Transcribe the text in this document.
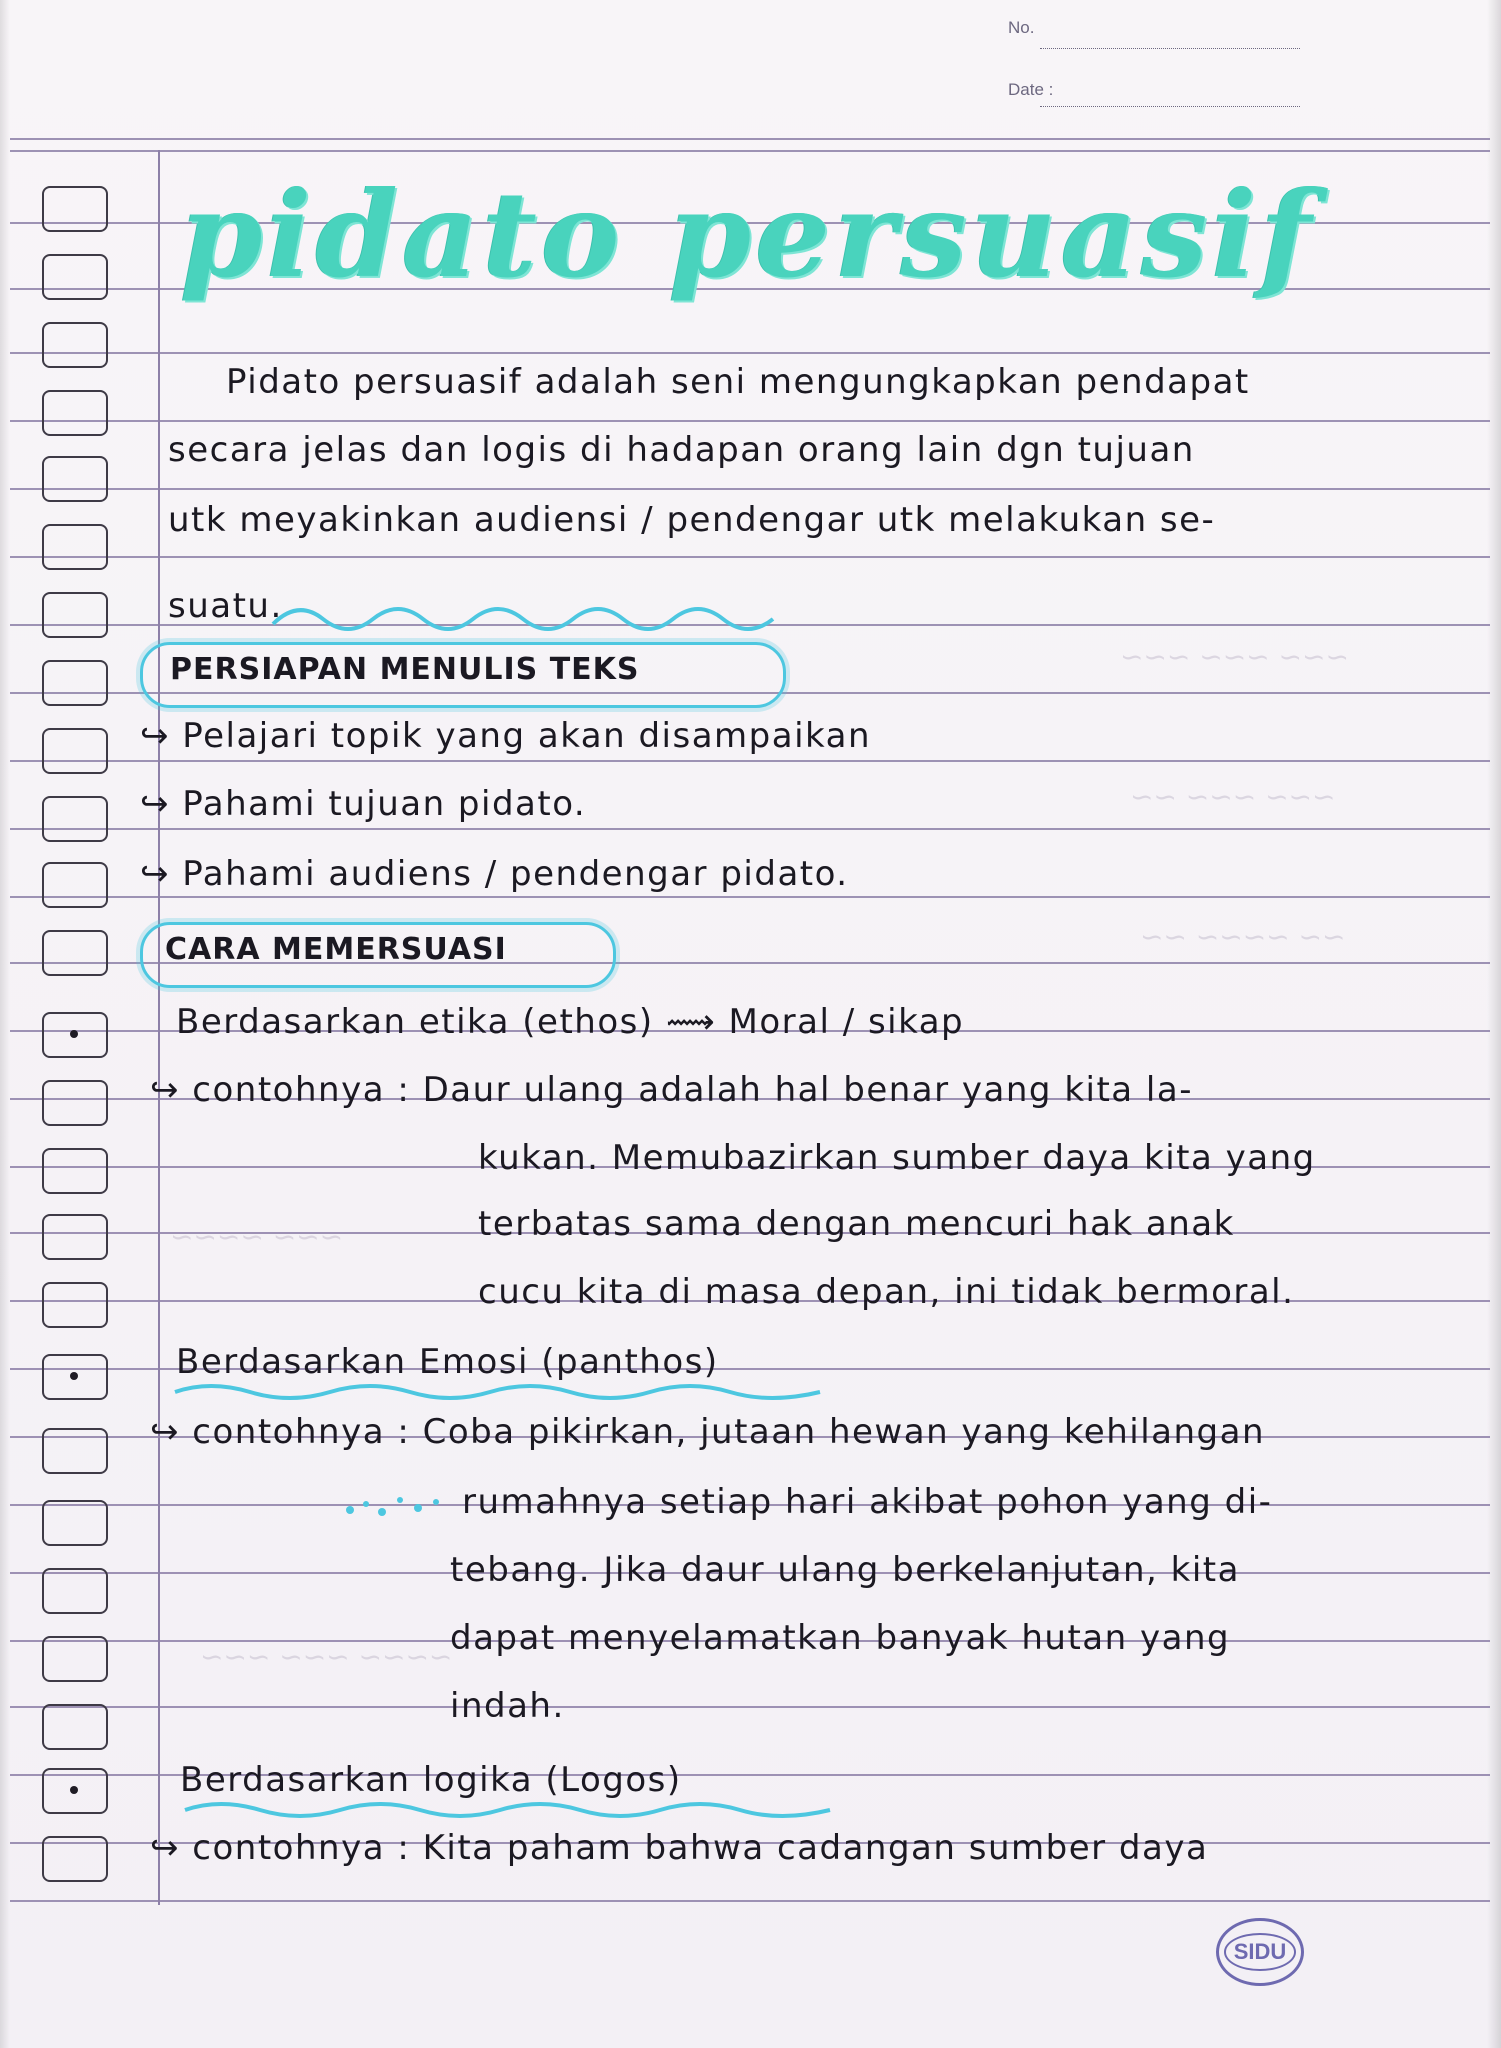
No.
Date :
~~~ ~~~ ~~~
~~~ ~~~ ~~
~~ ~~~~ ~~
~~~ ~~~~
~~~~ ~~~ ~~~
pidato persuasif
Pidato persuasif adalah seni mengungkapkan pendapat
secara jelas dan logis di hadapan orang lain dgn tujuan
utk meyakinkan audiensi / pendengar utk melakukan se-
suatu.
PERSIAPAN MENULIS TEKS
↪ Pelajari topik yang akan disampaikan
↪ Pahami tujuan pidato.
↪ Pahami audiens / pendengar pidato.
CARA MEMERSUASI
Berdasarkan etika (ethos) ⟿ Moral / sikap
↪ contohnya : Daur ulang adalah hal benar yang kita la-
kukan. Memubazirkan sumber daya kita yang
terbatas sama dengan mencuri hak anak
cucu kita di masa depan, ini tidak bermoral.
Berdasarkan Emosi (panthos)
↪ contohnya : Coba pikirkan, jutaan hewan yang kehilangan
rumahnya setiap hari akibat pohon yang di-
tebang. Jika daur ulang berkelanjutan, kita
dapat menyelamatkan banyak hutan yang
indah.
Berdasarkan logika (Logos)
↪ contohnya : Kita paham bahwa cadangan sumber daya
SIDU
